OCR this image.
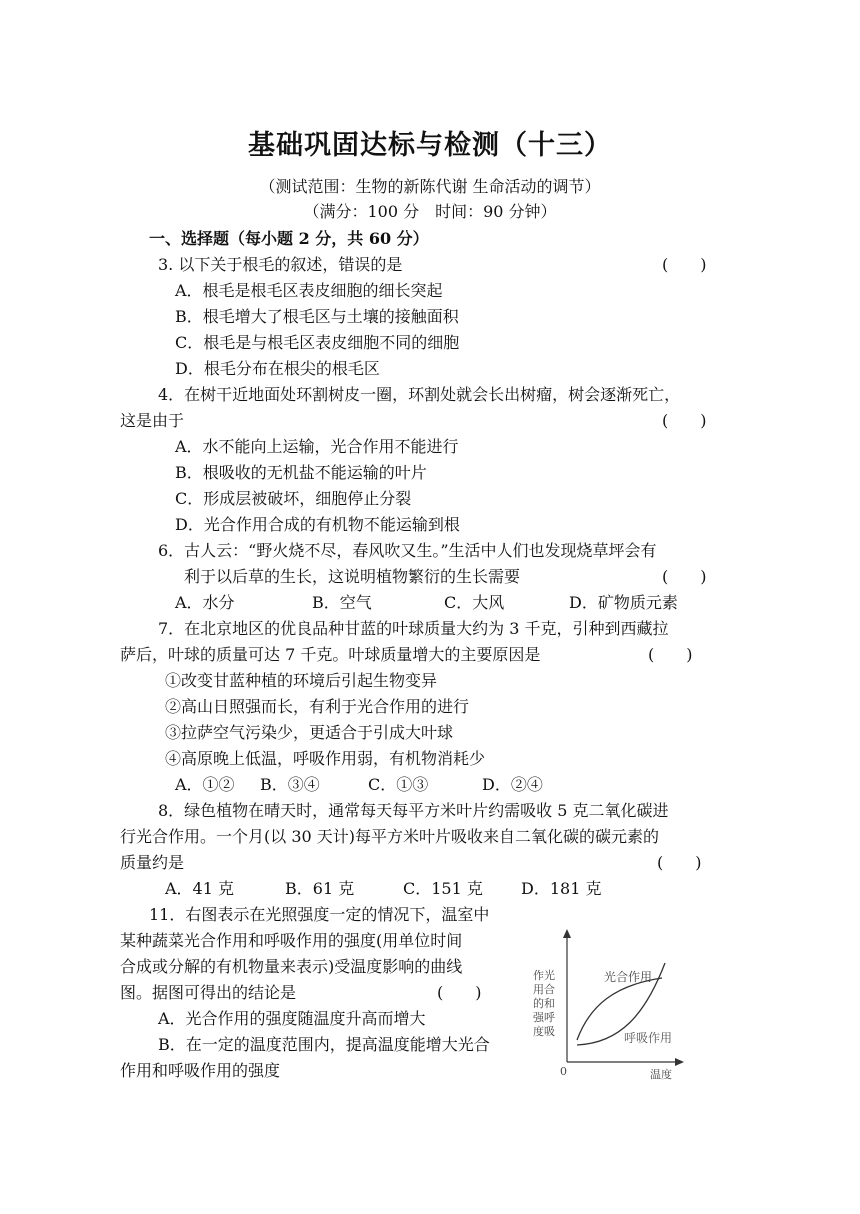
基础巩固达标与检测（十三）
（测试范围：生物的新陈代谢 生命活动的调节）
（满分：100 分　时间：90 分钟）
一、选择题（每小题 2 分，共 60 分）
3. 以下关于根毛的叙述，错误的是	(　　)
A．根毛是根毛区表皮细胞的细长突起
B．根毛增大了根毛区与土壤的接触面积
C．根毛是与根毛区表皮细胞不同的细胞
D．根毛分布在根尖的根毛区
4．在树干近地面处环割树皮一圈，环割处就会长出树瘤，树会逐渐死亡，
这是由于	(　　)
A．水不能向上运输，光合作用不能进行
B．根吸收的无机盐不能运输的叶片
C．形成层被破坏，细胞停止分裂
D．光合作用合成的有机物不能运输到根
6．古人云：“野火烧不尽，春风吹又生。”生活中人们也发现烧草坪会有
利于以后草的生长，这说明植物繁衍的生长需要	(　　)
A．水分	B．空气	C．大风	D．矿物质元素
7．在北京地区的优良品种甘蓝的叶球质量大约为 3 千克，引种到西藏拉
萨后，叶球的质量可达 7 千克。叶球质量增大的主要原因是	(　　)
①改变甘蓝种植的环境后引起生物变异
②高山日照强而长，有利于光合作用的进行
③拉萨空气污染少，更适合于引成大叶球
④高原晚上低温，呼吸作用弱，有机物消耗少
A．①② B．③④	C．①③	D．②④
8．绿色植物在晴天时，通常每天每平方米叶片约需吸收 5 克二氧化碳进
行光合作用。一个月(以 30 天计)每平方米叶片吸收来自二氧化碳的碳元素的
质量约是	(　　)
A．41 克	B．61 克	C．151 克 D．181 克
11．右图表示在光照强度一定的情况下，温室中
某种蔬菜光合作用和呼吸作用的强度(用单位时间
合成或分解的有机物量来表示)受温度影响的曲线
图。据图可得出的结论是	(　　)
A．光合作用的强度随温度升高而增大
B．在一定的温度范围内，提高温度能增大光合
作用和呼吸作用的强度
作光
用合
的和
强呼
度吸
光合作用
呼吸作用
0	温度
